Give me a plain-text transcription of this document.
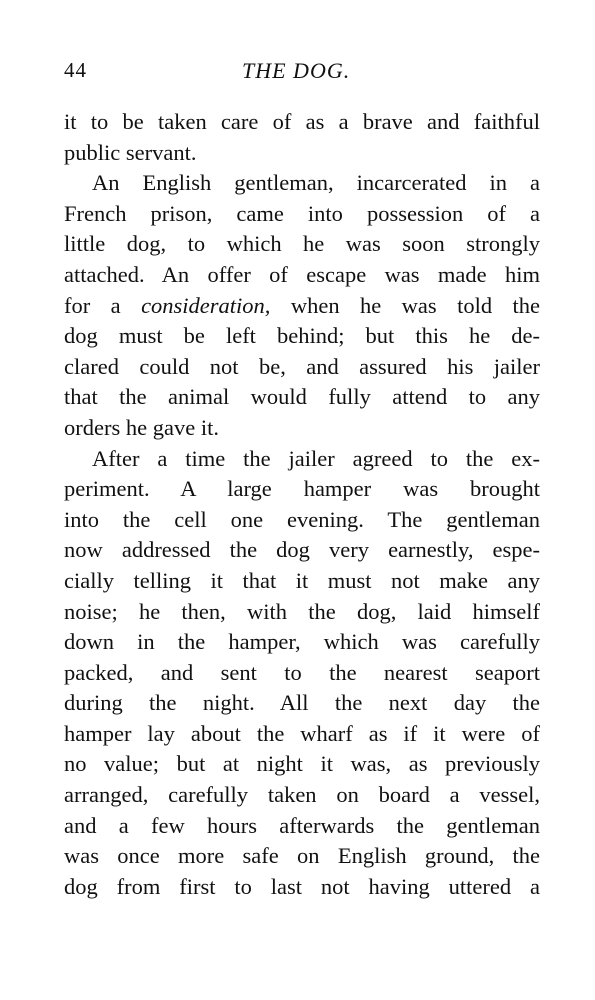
44	THE DOG.
it to be taken care of as a brave and faithful
public servant.
An English gentleman, incarcerated in a
French prison, came into possession of a
little dog, to which he was soon strongly
attached. An offer of escape was made him
for a consideration, when he was told the
dog must be left behind; but this he de-
clared could not be, and assured his jailer
that the animal would fully attend to any
orders he gave it.
After a time the jailer agreed to the ex-
periment. A large hamper was brought
into the cell one evening. The gentleman
now addressed the dog very earnestly, espe-
cially telling it that it must not make any
noise; he then, with the dog, laid himself
down in the hamper, which was carefully
packed, and sent to the nearest seaport
during the night. All the next day the
hamper lay about the wharf as if it were of
no value; but at night it was, as previously
arranged, carefully taken on board a vessel,
and a few hours afterwards the gentleman
was once more safe on English ground, the
dog from first to last not having uttered a
